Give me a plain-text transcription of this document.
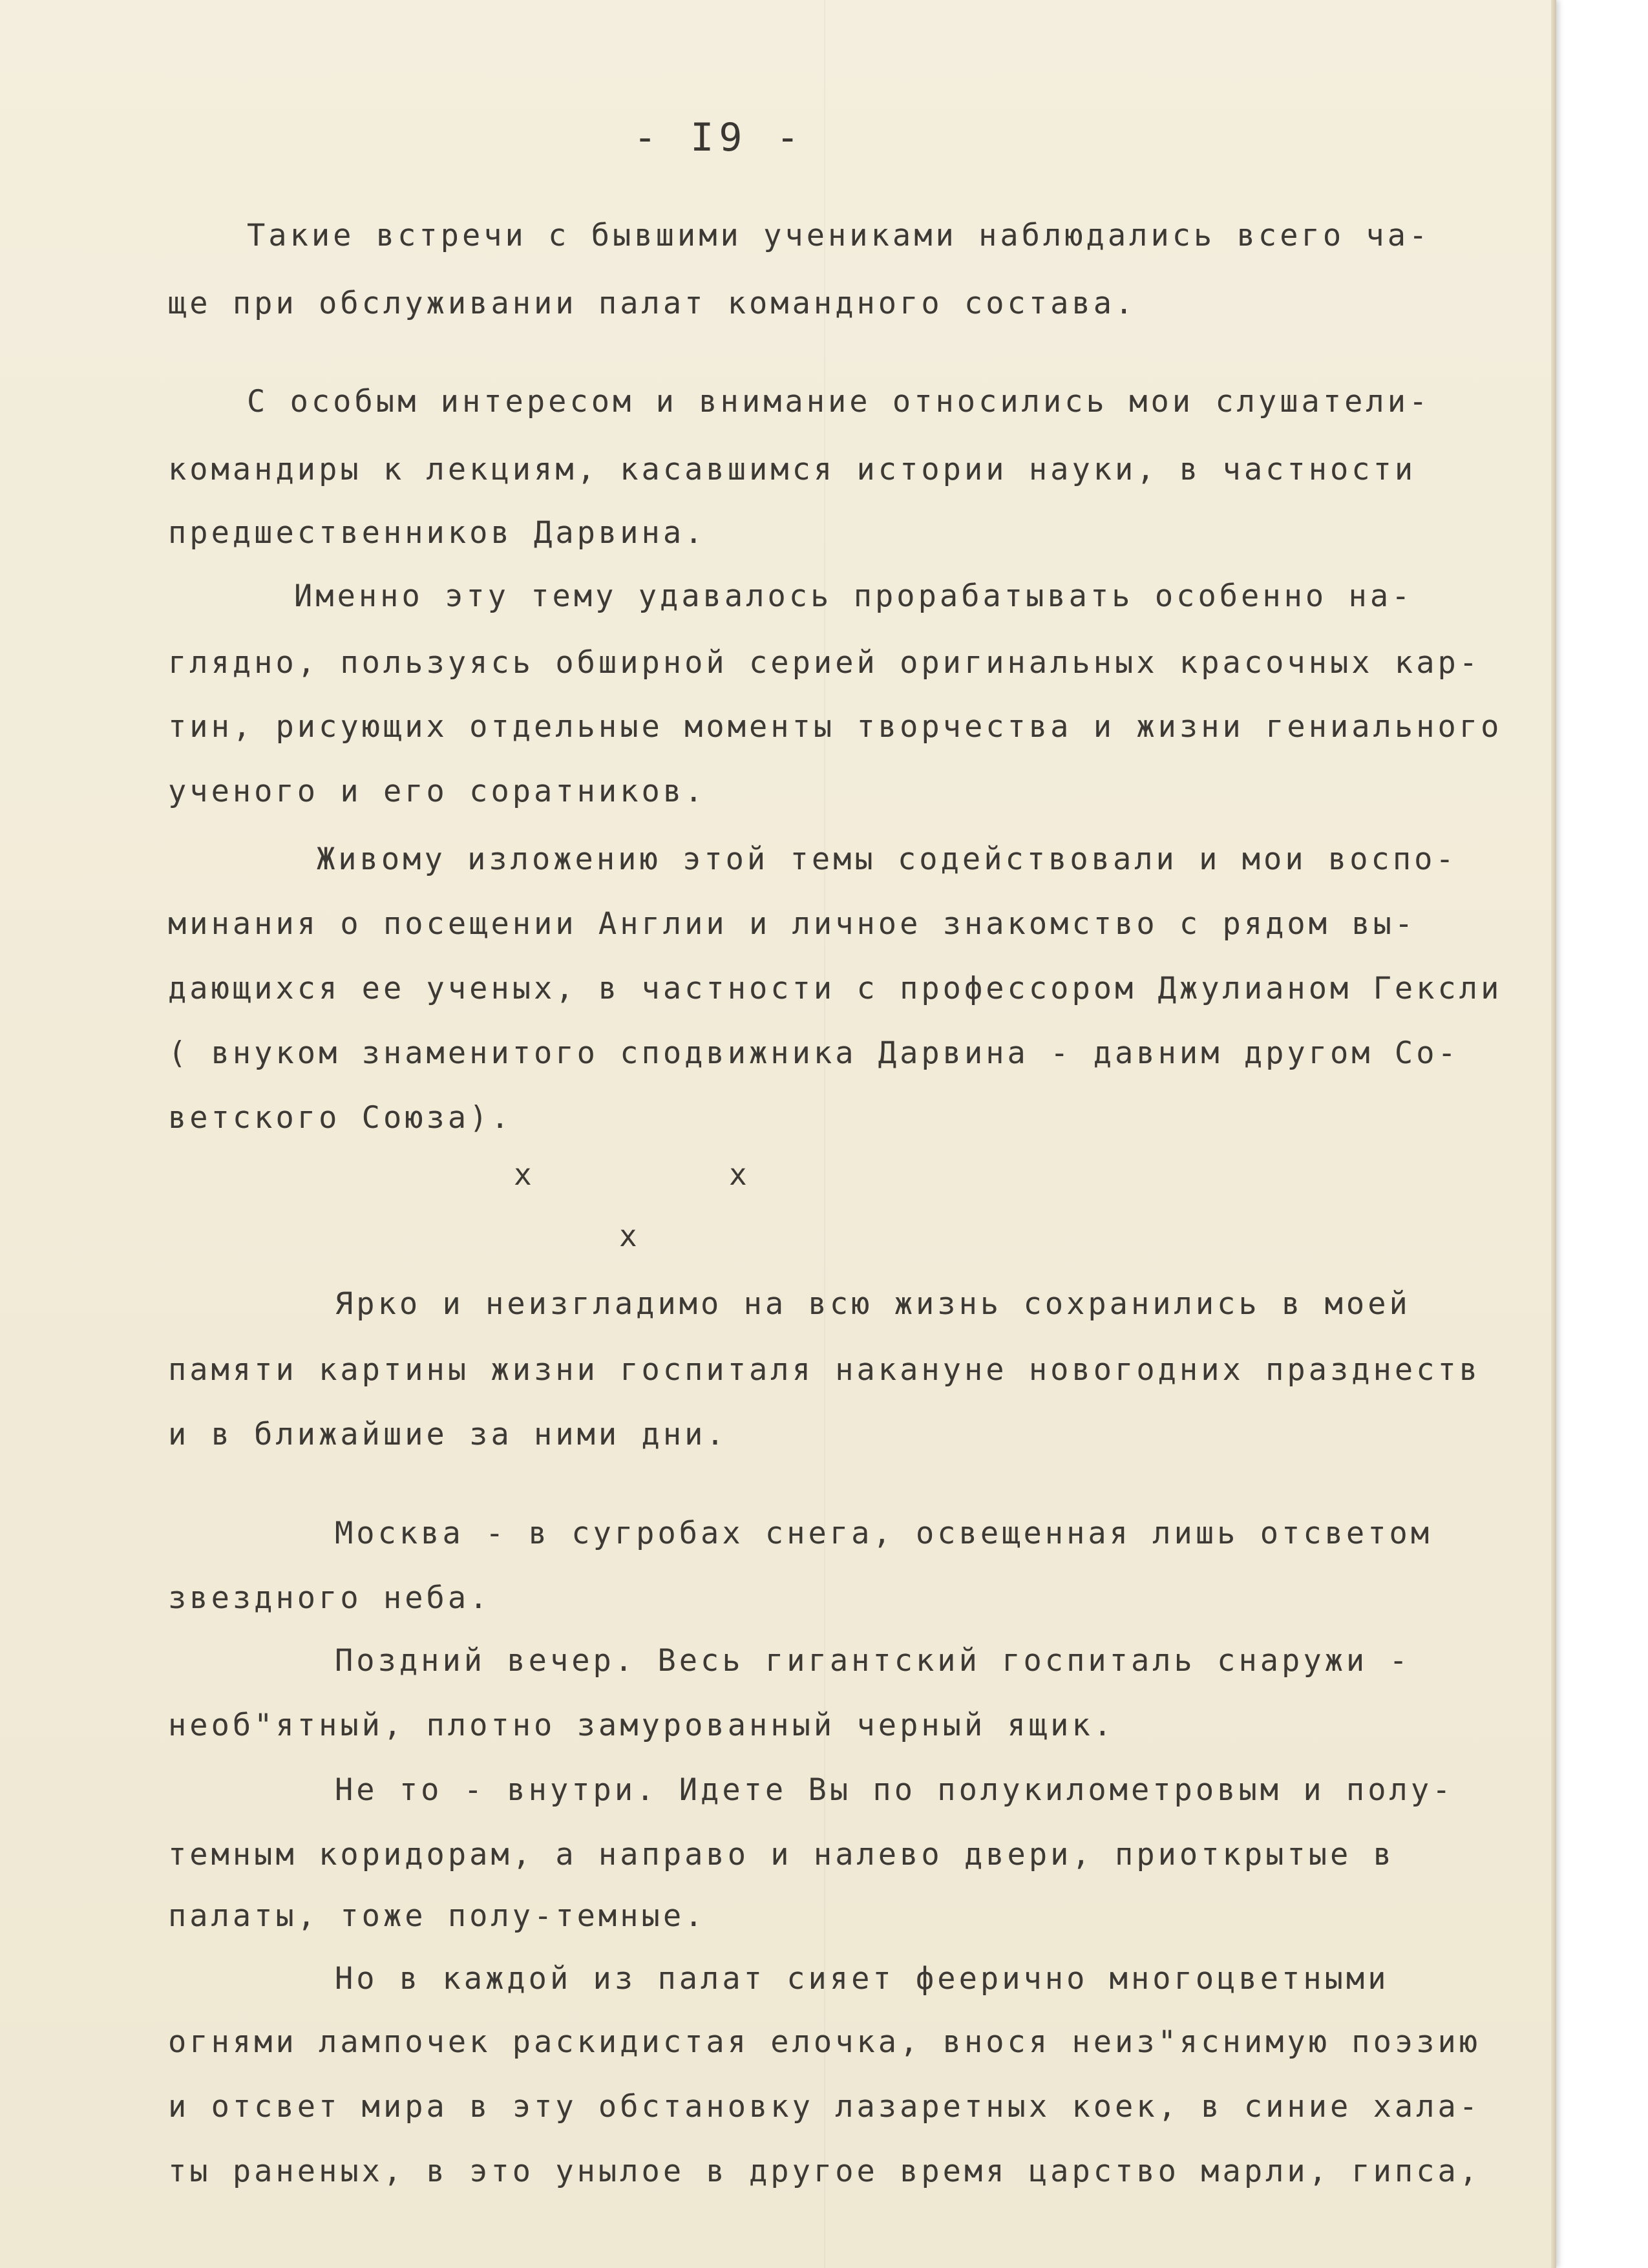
- I9 -
Такие встречи с бывшими учениками наблюдались всего ча-
ще при обслуживании палат командного состава.
С особым интересом и внимание относились мои слушатели-
командиры к лекциям, касавшимся истории науки, в частности
предшественников Дарвина.
Именно эту тему удавалось прорабатывать особенно на-
глядно, пользуясь обширной серией оригинальных красочных кар-
тин, рисующих отдельные моменты творчества и жизни гениального
ученого и его соратников.
Живому изложению этой темы содействовали и мои воспо-
минания о посещении Англии и личное знакомство с рядом вы-
дающихся ее ученых, в частности с профессором Джулианом Гексли
( внуком знаменитого сподвижника Дарвина - давним другом Со-
ветского Союза).
x	x
x
Ярко и неизгладимо на всю жизнь сохранились в моей
памяти картины жизни госпиталя накануне новогодних празднеств
и в ближайшие за ними дни.
Москва - в сугробах снега, освещенная лишь отсветом
звездного неба.
Поздний вечер. Весь гигантский госпиталь снаружи -
необ"ятный, плотно замурованный черный ящик.
Не то - внутри. Идете Вы по полукилометровым и полу-
темным коридорам, а направо и налево двери, приоткрытые в
палаты, тоже полу-темные.
Но в каждой из палат сияет феерично многоцветными
огнями лампочек раскидистая елочка, внося неиз"яснимую поэзию
и отсвет мира в эту обстановку лазаретных коек, в синие хала-
ты раненых, в это унылое в другое время царство марли, гипса,
